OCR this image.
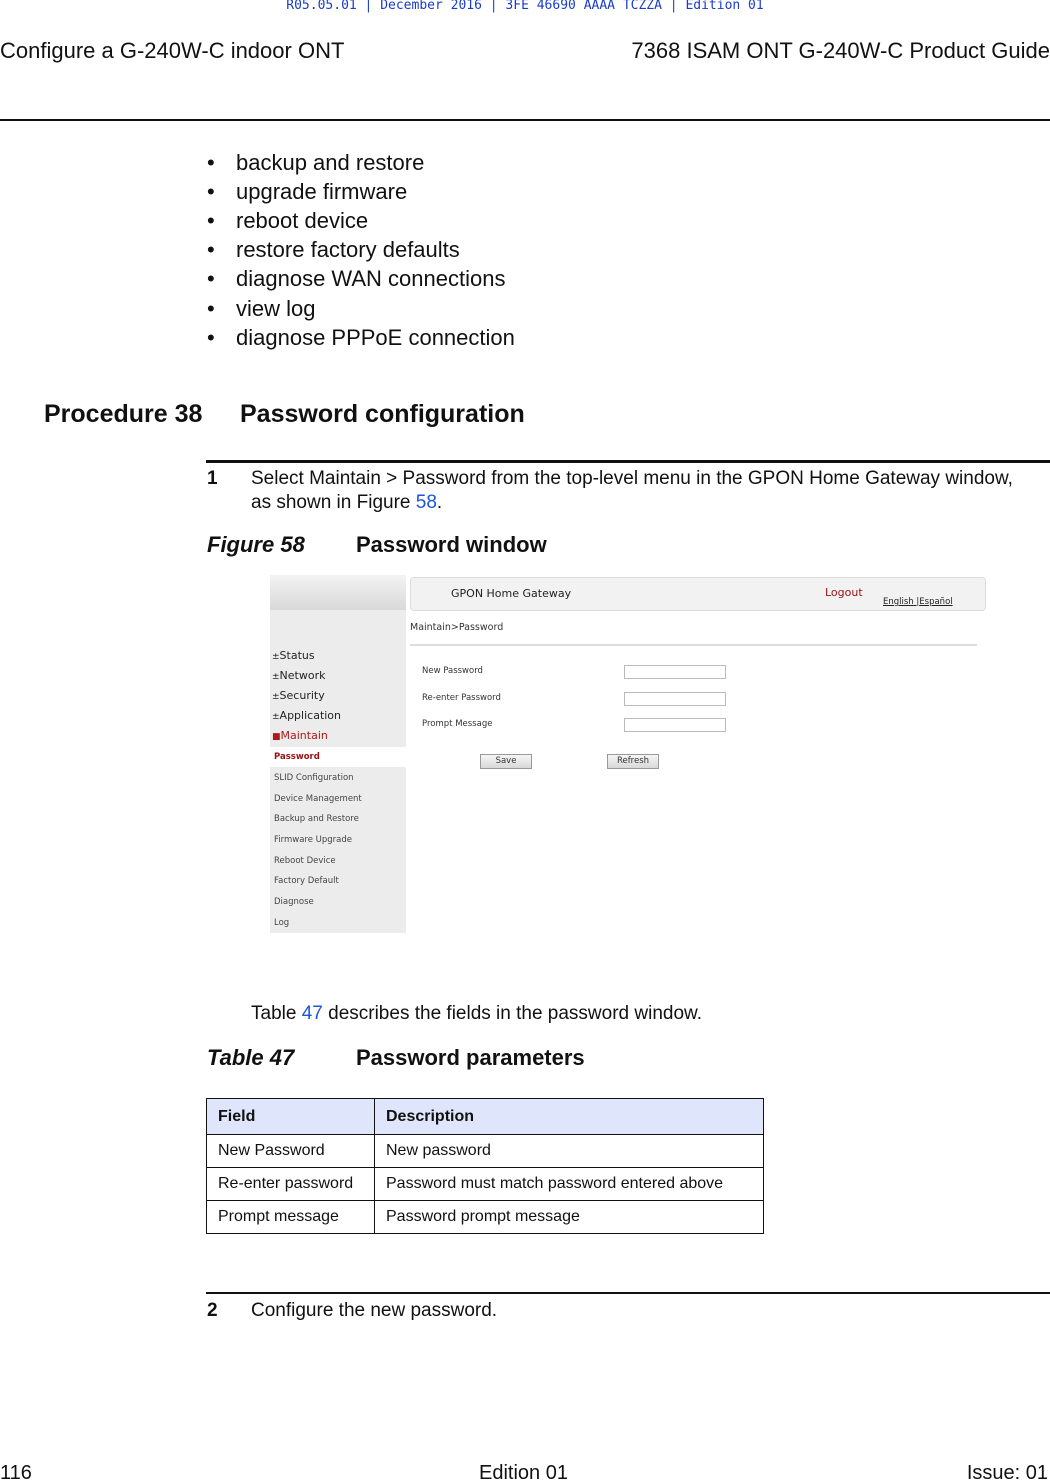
R05.05.01 | December 2016 | 3FE 46690 AAAA TCZZA | Edition 01
Configure a G-240W-C indoor ONT	7368 ISAM ONT G-240W-C Product Guide
• backup and restore
• upgrade firmware
• reboot device
• restore factory defaults
• diagnose WAN connections
• view log
• diagnose PPPoE connection
Procedure 38 Password configuration
1 Select Maintain > Password from the top-level menu in the GPON Home Gateway window,
as shown in Figure 58.
Figure 58 Password window
±Status
±Network
±Security
±Application
■Maintain
Password
SLID Configuration
Device Management
Backup and Restore
Firmware Upgrade
Reboot Device
Factory Default
Diagnose
Log
GPON Home Gateway	Logout
English |Español
Maintain>Password
New Password
Re-enter Password
Prompt Message
Save	Refresh
Table 47 describes the fields in the password window.
Table 47	Password parameters
Field	Description
New Password	New password
Re-enter password	Password must match password entered above
Prompt message	Password prompt message
2 Configure the new password.
116	Edition 01	Issue: 01
